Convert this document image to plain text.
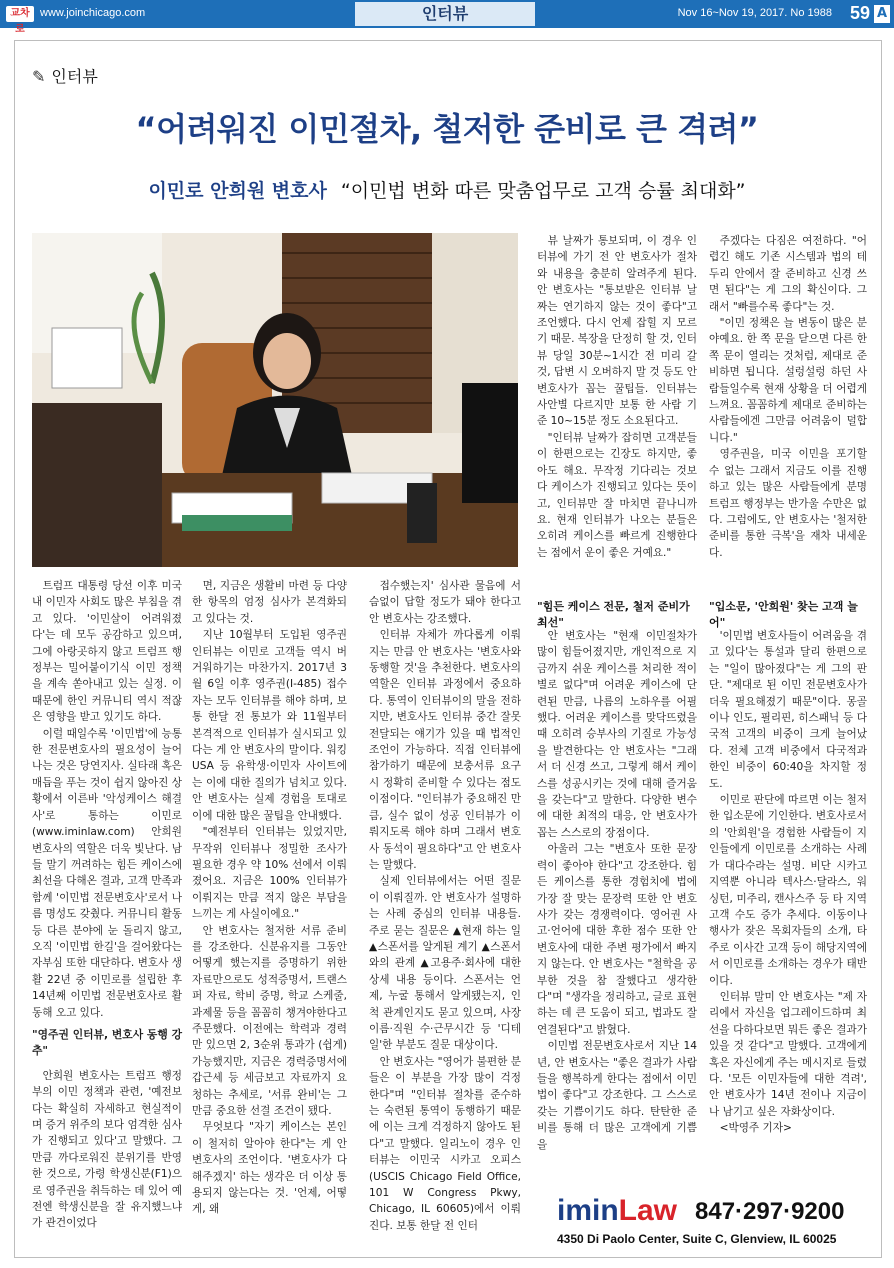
교차로
www.joinchicago.com	인터뷰	Nov 16~Nov 19, 2017. No 1988 59 A
✎ 인터뷰
“어려워진 이민절차, 철저한 준비로 큰 격려”
이민로 안희원 변호사 “이민법 변화 따른 맞춤업무로 고객 승률 최대화”

트럼프 대통령 당선 이후 미국 내 이민자 사회도 많은 부침을 겪고 있다. '이민살이 어려워졌다'는 데 모두 공감하고 있으며, 그에 아랑곳하지 않고 트럼프 행정부는 밀어붙이기식 이민 정책을 계속 쏟아내고 있는 실정. 이 때문에 한인 커뮤니티 역시 적잖은 영향을 받고 있기도 하다.

이럴 때일수록 '이민법'에 능통한 전문변호사의 필요성이 늘어나는 것은 당연지사. 실타래 혹은 매듭을 푸는 것이 쉽지 않아진 상황에서 이른바 '악성케이스 해결사'로 통하는 이민로(www.iminlaw.com) 안희원 변호사의 역할은 더욱 빛난다. 남들 말기 꺼려하는 힘든 케이스에 최선을 다해온 결과, 고객 만족과 함께 '이민법 전문변호사'로서 나름 명성도 갖췄다. 커뮤니티 활동 등 다른 분야에 눈 돌리지 않고, 오직 '이민법 한길'을 걸어왔다는 자부심 또한 대단하다. 변호사 생활 22년 중 이민로를 설립한 후 14년째 이민법 전문변호사로 활동해 오고 있다.

"영주권 인터뷰, 변호사 동행 강추"

안희원 변호사는 트럼프 행정부의 이민 정책과 관련, '예전보다는 확실히 자세하고 현실적이며 증거 위주의 보다 엄격한 심사가 진행되고 있다'고 말했다. 그만큼 까다로워진 분위기를 반영한 것으로, 가령 학생신분(F1)으로 영주권을 취득하는 데 있어 예전엔 학생신분을 잘 유지했느냐가 관건이었다

면, 지금은 생활비 마련 등 다양한 항목의 엄정 심사가 본격화되고 있다는 것.

지난 10월부터 도입된 영주권 인터뷰는 이민로 고객들 역시 버거워하기는 마찬가지. 2017년 3월 6일 이후 영주권(I-485) 접수자는 모두 인터뷰를 해야 하며, 보통 한달 전 통보가 와 11월부터 본격적으로 인터뷰가 실시되고 있다는 게 안 변호사의 말이다. 워킹USA 등 유학생·이민자 사이트에는 이에 대한 질의가 넘치고 있다. 안 변호사는 실제 경험을 토대로 이에 대한 많은 꿀팁을 안내했다.

"예전부터 인터뷰는 있었지만, 무작위 인터뷰나 정밀한 조사가 필요한 경우 약 10% 선에서 이뤄졌어요. 지금은 100% 인터뷰가 이뤄지는 만큼 적지 않은 부담을 느끼는 게 사실이에요."

안 변호사는 철저한 서류 준비를 강조한다. 신분유지를 그동안 어떻게 했는지를 증명하기 위한 자료만으로도 성적증명서, 트랜스퍼 자료, 학비 증명, 학교 스케줄, 과제물 등을 꼼꼼히 챙겨야한다고 주문했다. 이전에는 학력과 경력만 있으면 2, 3순위 통과가 (쉽게) 가능했지만, 지금은 경력증명서에 갑근세 등 세금보고 자료까지 요청하는 추세로, '서류 완비'는 그만큼 중요한 선결 조건이 됐다.

무엇보다 "자기 케이스는 본인이 철저히 알아야 한다"는 게 안 변호사의 조언이다. '변호사가 다 해주겠지' 하는 생각은 더 이상 통용되지 않는다는 것. '언제, 어떻게, 왜

접수했는지' 심사관 물음에 서슴없이 답할 정도가 돼야 한다고 안 변호사는 강조했다.

인터뷰 자체가 까다롭게 이뤄지는 만큼 안 변호사는 '변호사와 동행할 것'을 추천한다. 변호사의 역할은 인터뷰 과정에서 중요하다. 통역이 인터뷰이의 말을 전하지만, 변호사도 인터뷰 중간 잘못 전달되는 얘기가 있을 때 법적인 조언이 가능하다. 직접 인터뷰에 참가하기 때문에 보충서류 요구 시 정확히 준비할 수 있다는 점도 이점이다. "인터뷰가 중요해진 만큼, 실수 없이 성공 인터뷰가 이뤄지도록 해야 하며 그래서 변호사 동석이 필요하다"고 안 변호사는 말했다.

실제 인터뷰에서는 어떤 질문이 이뤄질까. 안 변호사가 설명하는 사례 중심의 인터뷰 내용들. 주로 묻는 질문은 ▲현재 하는 일 ▲스폰서를 알게된 계기 ▲스폰서와의 관계 ▲고용주·회사에 대한 상세 내용 등이다. 스폰서는 언제, 누굴 통해서 알게됐는지, 인척 관계인지도 묻고 있으며, 사장 이름·직원 수·근무시간 등 '디테일'한 부분도 질문 대상이다.

안 변호사는 "영어가 불편한 분들은 이 부분을 가장 많이 걱정 한다"며 "인터뷰 절차를 준수하는 숙련된 통역이 동행하기 때문에 이는 크게 걱정하지 않아도 된다"고 말했다. 일리노이 경우 인터뷰는 이민국 시카고 오피스(USCIS Chicago Field Office, 101 W Congress Pkwy, Chicago, IL 60605)에서 이뤄진다. 보통 한달 전 인터

뷰 날짜가 통보되며, 이 경우 인터뷰에 가기 전 안 변호사가 절차와 내용을 충분히 알려주게 된다. 안 변호사는 "통보받은 인터뷰 날짜는 연기하지 않는 것이 좋다"고 조언했다. 다시 언제 잡힐 지 모르기 때문. 복장을 단정히 할 것, 인터뷰 당일 30분~1시간 전 미리 갈 것, 답변 시 오버하지 말 것 등도 안 변호사가 꼽는 꿀팁들. 인터뷰는 사안별 다르지만 보통 한 사람 기준 10~15분 정도 소요된다고.

"인터뷰 날짜가 잡히면 고객분들이 한편으로는 긴장도 하지만, 좋아도 해요. 무작정 기다리는 것보다 케이스가 진행되고 있다는 뜻이고, 인터뷰만 잘 마치면 끝나니까요. 현재 인터뷰가 나오는 분들은 오히려 케이스를 빠르게 진행한다는 점에서 운이 좋은 거예요."

주겠다는 다짐은 여전하다. "어렵긴 해도 기존 시스템과 법의 테두리 안에서 잘 준비하고 신경 쓰면 된다"는 게 그의 확신이다. 그래서 "빠를수록 좋다"는 것.

"이민 정책은 늘 변동이 많은 분야예요. 한 쪽 문을 닫으면 다른 한 쪽 문이 열리는 것처럼, 제대로 준비하면 됩니다. 설렁설렁 하던 사람들일수록 현재 상황을 더 어렵게 느껴요. 꼼꼼하게 제대로 준비하는 사람들에겐 그만큼 어려움이 덜합니다."

영주권을, 미국 이민을 포기할 수 없는 그래서 지금도 이를 진행하고 있는 많은 사람들에게 분명 트럼프 행정부는 반가울 수만은 없다. 그럼에도, 안 변호사는 '철저한 준비를 통한 극복'을 재차 내세운다.

"힘든 케이스 전문, 철저 준비가 최선"
"입소문, '안희원' 찾는 고객 늘어"

안 변호사는 "현재 이민절차가 많이 힘들어졌지만, 개인적으로 지금까지 쉬운 케이스를 처리한 적이 별로 없다"며 어려운 케이스에 단련된 만큼, 나름의 노하우를 어필했다. 어려운 케이스를 맞닥뜨렸을 때 오히려 승부사의 기질로 가능성을 발견한다는 안 변호사는 "그래서 더 신경 쓰고, 그렇게 해서 케이스를 성공시키는 것에 대해 즐거움을 갖는다"고 말한다. 다양한 변수에 대한 최적의 대응, 안 변호사가 꼽는 스스로의 장점이다.

아울러 그는 "변호사 또한 문장력이 좋아야 한다"고 강조한다. 힘든 케이스를 통한 경험치에 법에 가장 잘 맞는 문장력 또한 안 변호사가 갖는 경쟁력이다. 영어권 사고·언어에 대한 후한 점수 또한 안 변호사에 대한 주변 평가에서 빠지지 않는다. 안 변호사는 "철학을 공부한 것을 참 잘했다고 생각한다"며 "생각을 정리하고, 글로 표현하는 데 큰 도움이 되고, 법과도 잘 연결된다"고 밝혔다.

이민법 전문변호사로서 지난 14년, 안 변호사는 "좋은 결과가 사람들을 행복하게 한다는 점에서 이민법이 좋다"고 강조한다. 그 스스로 갖는 기쁨이기도 하다. 탄탄한 준비를 통해 더 많은 고객에게 기쁨을

'이민법 변호사들이 어려움을 겪고 있다'는 통설과 달리 한편으로는 "일이 많아졌다"는 게 그의 판단. "제대로 된 이민 전문변호사가 더욱 필요해졌기 때문"이다. 몽골이나 인도, 필리핀, 히스패닉 등 다국적 고객의 비중이 크게 늘어났다. 전체 고객 비중에서 다국적과 한인 비중이 60:40을 차지할 정도.

이민로 판단에 따르면 이는 철저한 입소문에 기인한다. 변호사로서의 '안희원'을 경험한 사람들이 지인들에게 이민로를 소개하는 사례가 대다수라는 설명. 비단 시카고 지역뿐 아니라 텍사스·달라스, 워싱턴, 미주리, 캔사스주 등 타 지역 고객 수도 증가 추세다. 이동이나 행사가 잦은 목회자들의 소개, 타주로 이사간 고객 등이 해당지역에서 이민로를 소개하는 경우가 태반이다.

인터뷰 말미 안 변호사는 "제 자리에서 자신을 업그레이드하며 최선을 다하다보면 뭐든 좋은 결과가 있을 것 같다"고 말했다. 고객에게 혹은 자신에게 주는 메시지로 들렸다. '모든 이민자들에 대한 격려', 안 변호사가 14년 전이나 지금이나 남기고 싶은 자화상이다.

<박영주 기자>

iminLaw 847·297·9200
4350 Di Paolo Center, Suite C, Glenview, IL 60025
